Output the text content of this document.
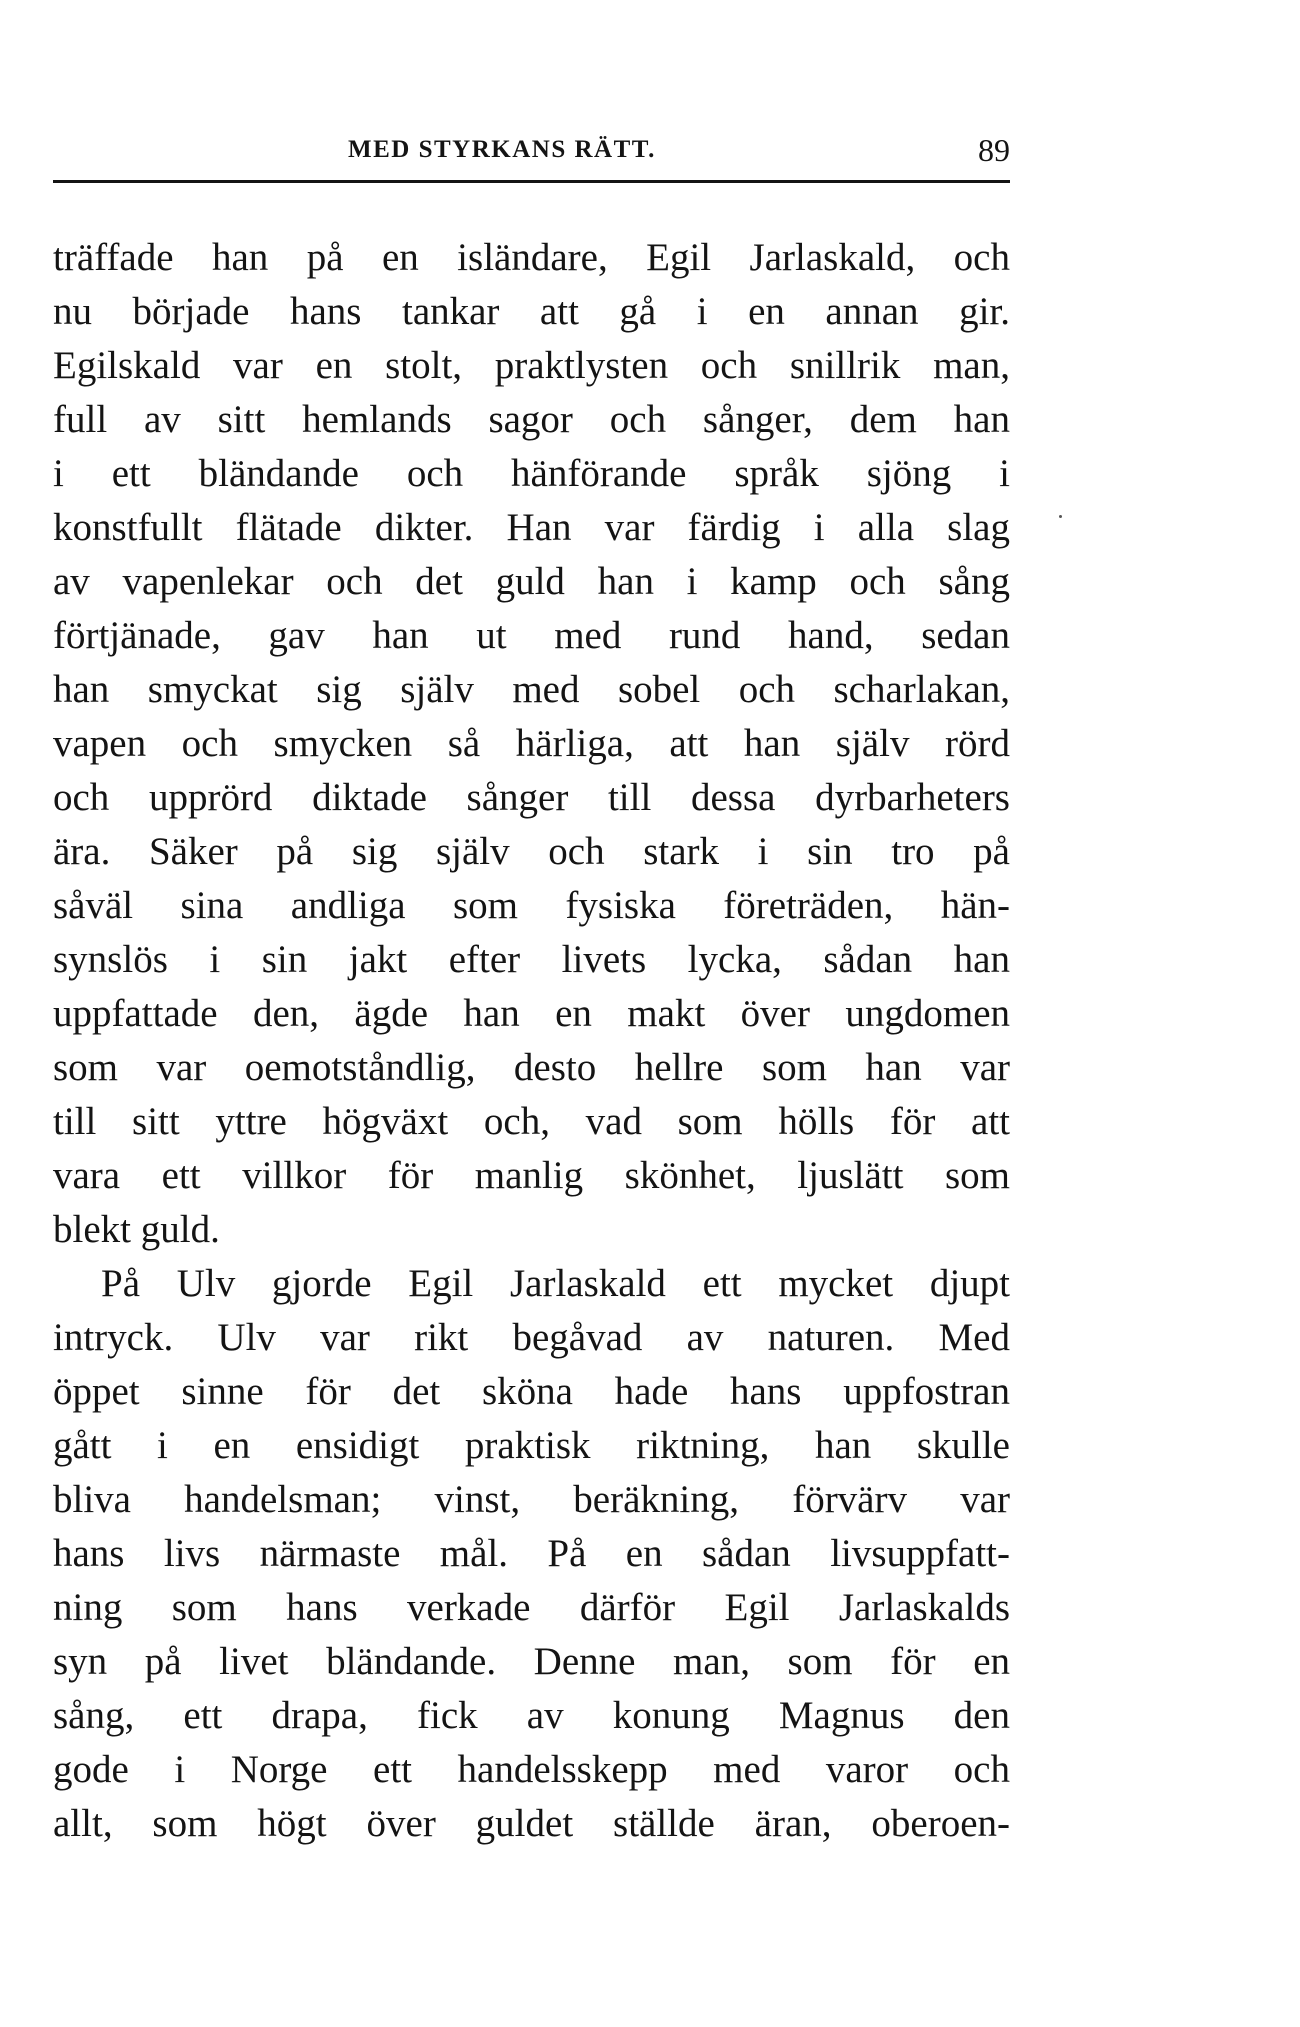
MED STYRKANS RÄTT.	89
träffade han på en isländare, Egil Jarlaskald, och
nu började hans tankar att gå i en annan gir.
Egilskald var en stolt, praktlysten och snillrik man,
full av sitt hemlands sagor och sånger, dem han
i ett bländande och hänförande språk sjöng i
konstfullt flätade dikter. Han var färdig i alla slag
av vapenlekar och det guld han i kamp och sång
förtjänade, gav han ut med rund hand, sedan
han smyckat sig själv med sobel och scharlakan,
vapen och smycken så härliga, att han själv rörd
och upprörd diktade sånger till dessa dyrbarheters
ära. Säker på sig själv och stark i sin tro på
såväl sina andliga som fysiska företräden, hän-
synslös i sin jakt efter livets lycka, sådan han
uppfattade den, ägde han en makt över ungdomen
som var oemotståndlig, desto hellre som han var
till sitt yttre högväxt och, vad som hölls för att
vara ett villkor för manlig skönhet, ljuslätt som
blekt guld.
På Ulv gjorde Egil Jarlaskald ett mycket djupt
intryck. Ulv var rikt begåvad av naturen. Med
öppet sinne för det sköna hade hans uppfostran
gått i en ensidigt praktisk riktning, han skulle
bliva handelsman; vinst, beräkning, förvärv var
hans livs närmaste mål. På en sådan livsuppfatt-
ning som hans verkade därför Egil Jarlaskalds
syn på livet bländande. Denne man, som för en
sång, ett drapa, fick av konung Magnus den
gode i Norge ett handelsskepp med varor och
allt, som högt över guldet ställde äran, oberoen-
